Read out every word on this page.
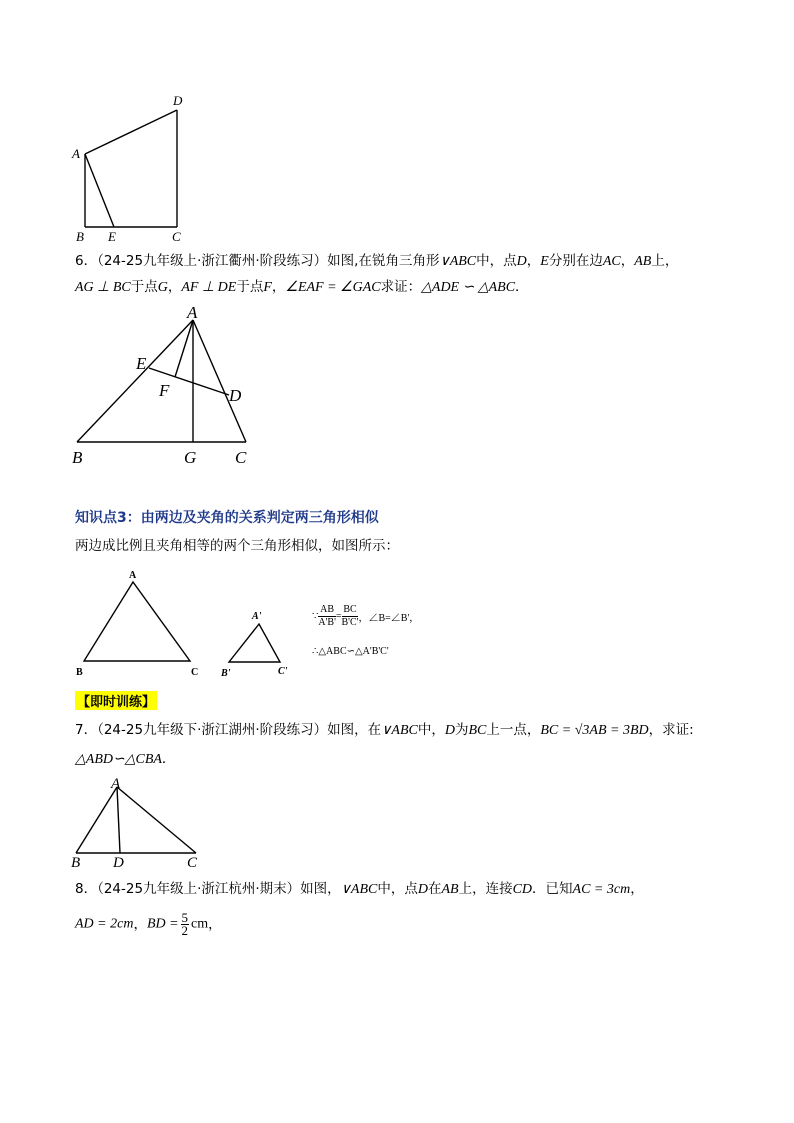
D
A
B E	C
6．（24-25九年级上·浙江衢州·阶段练习）如图,在锐角三角形∨ABC中，点D，E分别在边AC，AB上，
AG ⊥ BC于点G，AF ⊥ DE于点F，∠EAF = ∠GAC求证：△ADE ∽ △ABC．
A
E
F	D
B	G C
知识点3：由两边及夹角的关系判定两三角形相似
两边成比例且夹角相等的两个三角形相似，如图所示：
A
B	C
A'
B'	C'
∵ $\frac{AB}{A'B'} = \frac{BC}{B'C'}$ ，∠B=∠B'，
∴△ABC∽△A'B'C'
【即时训练】
7．（24-25九年级下·浙江湖州·阶段练习）如图，在∨ABC中，D为BC上一点，BC = √3AB = 3BD，求证:
△ABD∽△CBA．
A
B D	C
8．（24-25九年级上·浙江杭州·期末）如图，∨ABC中，点D在AB上，连接CD．已知AC = 3cm，
AD = 2cm，BD = $\frac{5}{2}$ cm，
